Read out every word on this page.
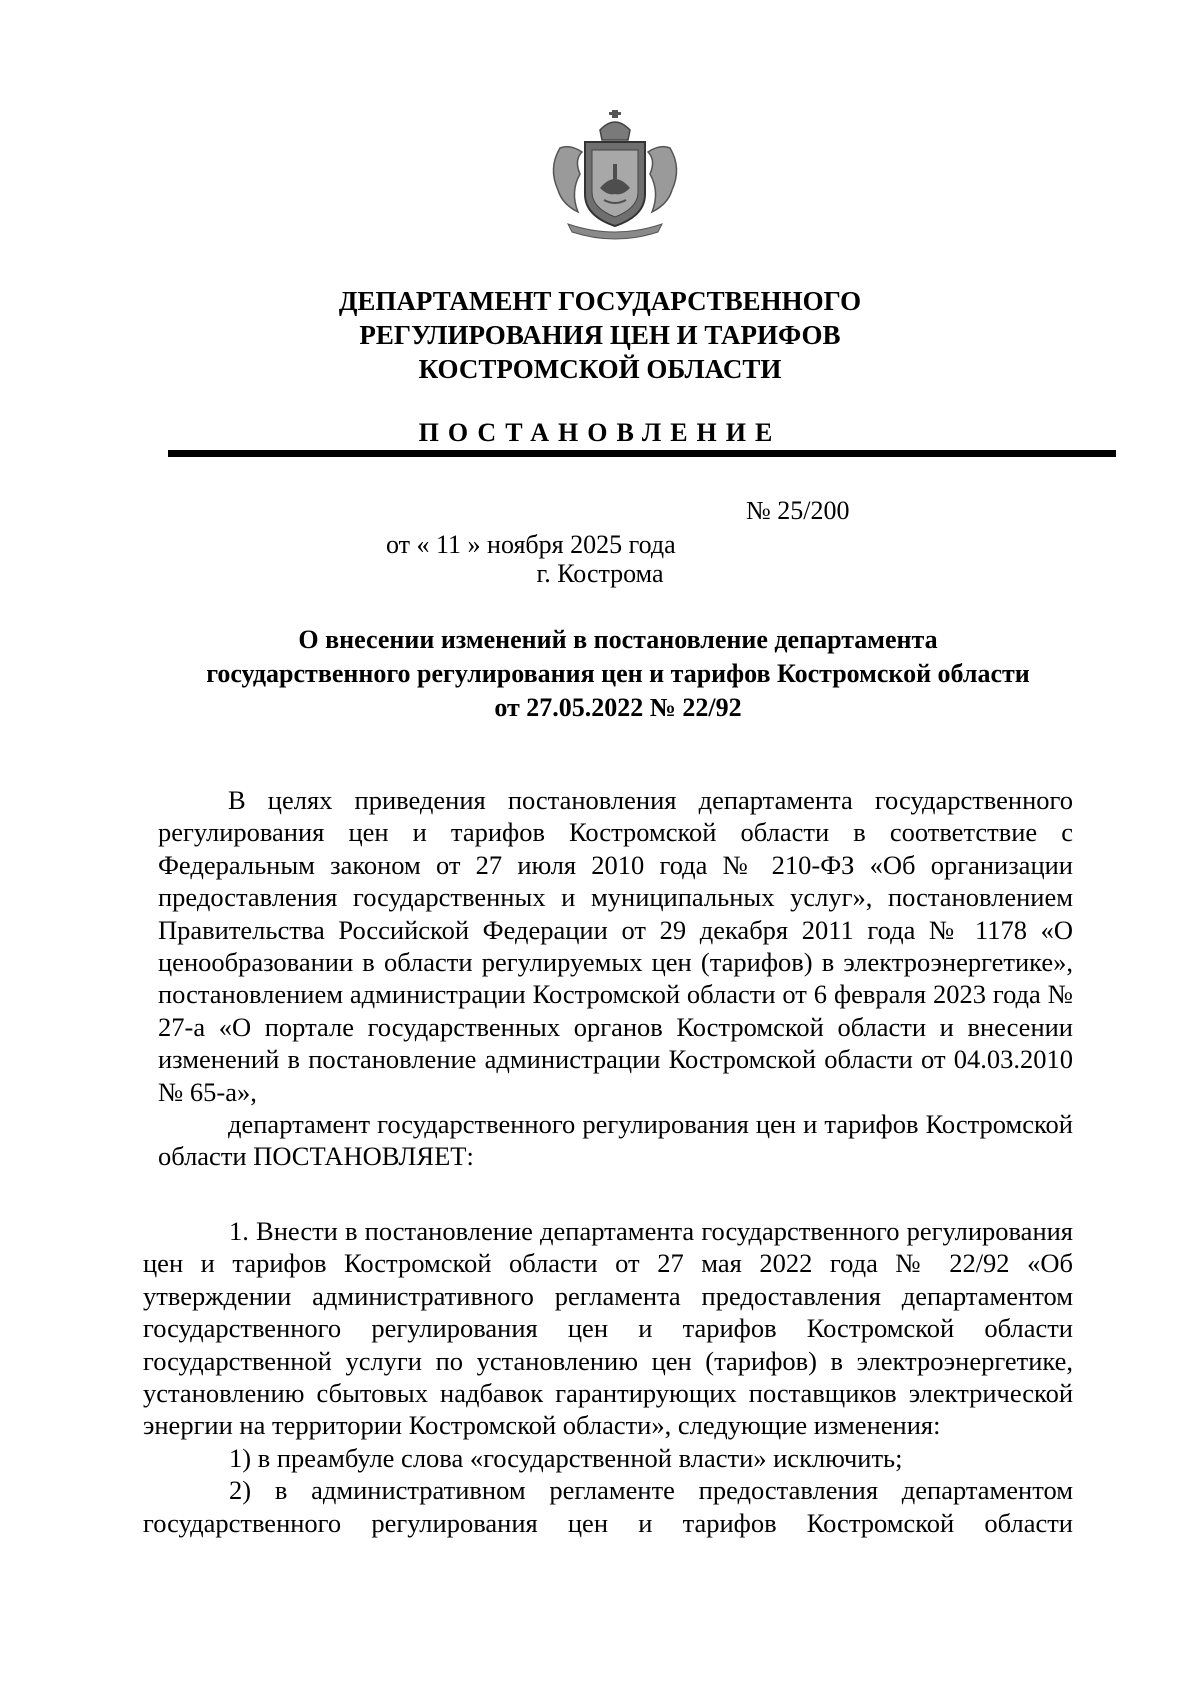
ДЕПАРТАМЕНТ ГОСУДАРСТВЕННОГО
РЕГУЛИРОВАНИЯ ЦЕН И ТАРИФОВ
КОСТРОМСКОЙ ОБЛАСТИ
ПОСТАНОВЛЕНИЕ

от « 11 » ноября 2025 года

№ 25/200

г. Кострома
О внесении изменений в постановление департамента
государственного регулирования цен и тарифов Костромской области
от 27.05.2022 № 22/92

В целях приведения постановления департамента государственного регулирования цен и тарифов Костромской области в соответствие с Федеральным законом от 27 июля 2010 года № 210-ФЗ «Об организации предоставления государственных и муниципальных услуг», постановлением Правительства Российской Федерации от 29 декабря 2011 года № 1178 «О ценообразовании в области регулируемых цен (тарифов) в электроэнергетике», постановлением администрации Костромской области от 6 февраля 2023 года № 27-а «О портале государственных органов Костромской области и внесении изменений в постановление администрации Костромской области от 04.03.2010 № 65-а»,

департамент государственного регулирования цен и тарифов Костромской области ПОСТАНОВЛЯЕТ:

1. Внести в постановление департамента государственного регулирования цен и тарифов Костромской области от 27 мая 2022 года № 22/92 «Об утверждении административного регламента предоставления департаментом государственного регулирования цен и тарифов Костромской области государственной услуги по установлению цен (тарифов) в электроэнергетике, установлению сбытовых надбавок гарантирующих поставщиков электрической энергии на территории Костромской области», следующие изменения:

1) в преамбуле слова «государственной власти» исключить;

2) в административном регламенте предоставления департаментом государственного регулирования цен и тарифов Костромской области
